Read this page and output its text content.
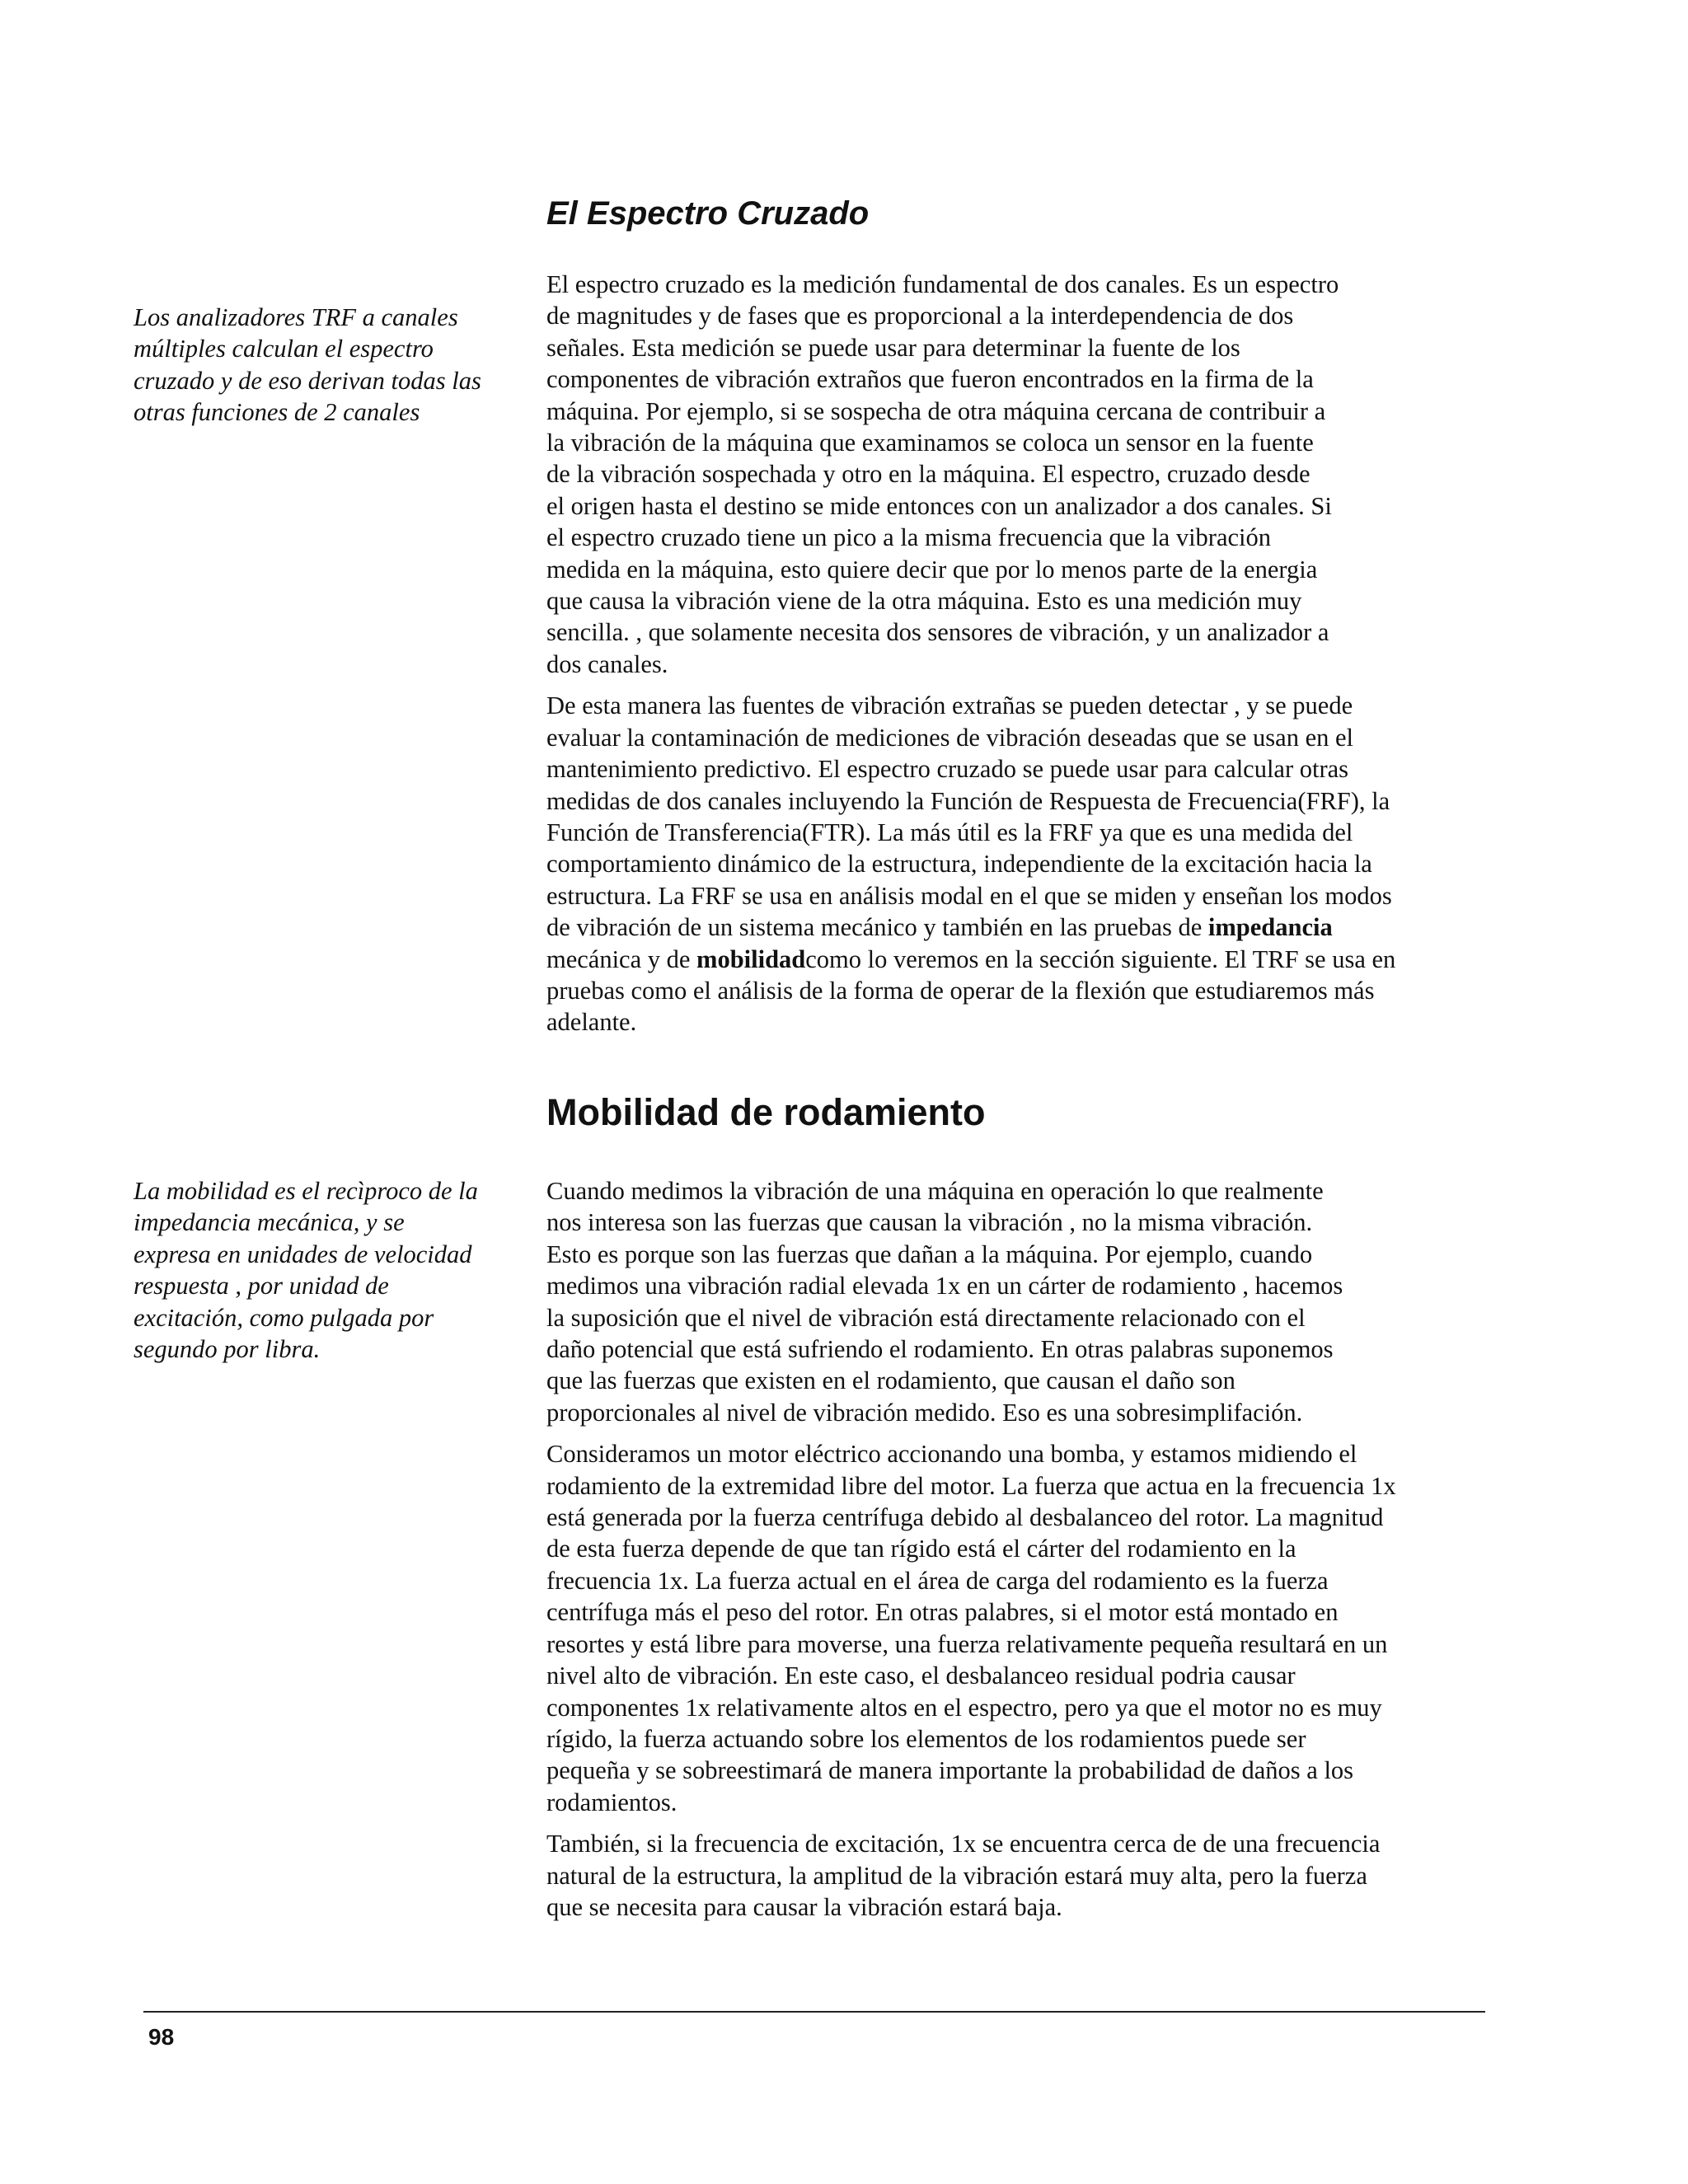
El Espectro Cruzado
Los analizadores TRF a canales
múltiples calculan el espectro
cruzado y de eso derivan todas las
otras funciones de 2 canales

El espectro cruzado es la medición fundamental de dos canales. Es un espectro
de magnitudes y de fases que es proporcional a la interdependencia de dos
señales. Esta medición se puede usar para determinar la fuente de los
componentes de vibración extraños que fueron encontrados en la firma de la
máquina. Por ejemplo, si se sospecha de otra máquina cercana de contribuir a
la vibración de la máquina que examinamos se coloca un sensor en la fuente
de la vibración sospechada y otro en la máquina. El espectro, cruzado desde
el origen hasta el destino se mide entonces con un analizador a dos canales. Si
el espectro cruzado tiene un pico a la misma frecuencia que la vibración
medida en la máquina, esto quiere decir que por lo menos parte de la energia
que causa la vibración viene de la otra máquina. Esto es una medición muy
sencilla. , que solamente necesita dos sensores de vibración, y un analizador a
dos canales.

De esta manera las fuentes de vibración extrañas se pueden detectar , y se puede
evaluar la contaminación de mediciones de vibración deseadas que se usan en el
mantenimiento predictivo. El espectro cruzado se puede usar para calcular otras
medidas de dos canales incluyendo la Función de Respuesta de Frecuencia(FRF), la
Función de Transferencia(FTR). La más útil es la FRF ya que es una medida del
comportamiento dinámico de la estructura, independiente de la excitación hacia la
estructura. La FRF se usa en análisis modal en el que se miden y enseñan los modos
de vibración de un sistema mecánico y también en las pruebas de impedancia
mecánica y de mobilidadcomo lo veremos en la sección siguiente. El TRF se usa en
pruebas como el análisis de la forma de operar de la flexión que estudiaremos más
adelante.

Mobilidad de rodamiento
La mobilidad es el recìproco de la
impedancia mecánica, y se
expresa en unidades de velocidad
respuesta , por unidad de
excitación, como pulgada por
segundo por libra.

Cuando medimos la vibración de una máquina en operación lo que realmente
nos interesa son las fuerzas que causan la vibración , no la misma vibración.
Esto es porque son las fuerzas que dañan a la máquina. Por ejemplo, cuando
medimos una vibración radial elevada 1x en un cárter de rodamiento , hacemos
la suposición que el nivel de vibración está directamente relacionado con el
daño potencial que está sufriendo el rodamiento. En otras palabras suponemos
que las fuerzas que existen en el rodamiento, que causan el daño son
proporcionales al nivel de vibración medido. Eso es una sobresimplifación.

Consideramos un motor eléctrico accionando una bomba, y estamos midiendo el
rodamiento de la extremidad libre del motor. La fuerza que actua en la frecuencia 1x
está generada por la fuerza centrífuga debido al desbalanceo del rotor. La magnitud
de esta fuerza depende de que tan rígido está el cárter del rodamiento en la
frecuencia 1x. La fuerza actual en el área de carga del rodamiento es la fuerza
centrífuga más el peso del rotor. En otras palabres, si el motor está montado en
resortes y está libre para moverse, una fuerza relativamente pequeña resultará en un
nivel alto de vibración. En este caso, el desbalanceo residual podria causar
componentes 1x relativamente altos en el espectro, pero ya que el motor no es muy
rígido, la fuerza actuando sobre los elementos de los rodamientos puede ser
pequeña y se sobreestimará de manera importante la probabilidad de daños a los
rodamientos.

También, si la frecuencia de excitación, 1x se encuentra cerca de de una frecuencia
natural de la estructura, la amplitud de la vibración estará muy alta, pero la fuerza
que se necesita para causar la vibración estará baja.

98
